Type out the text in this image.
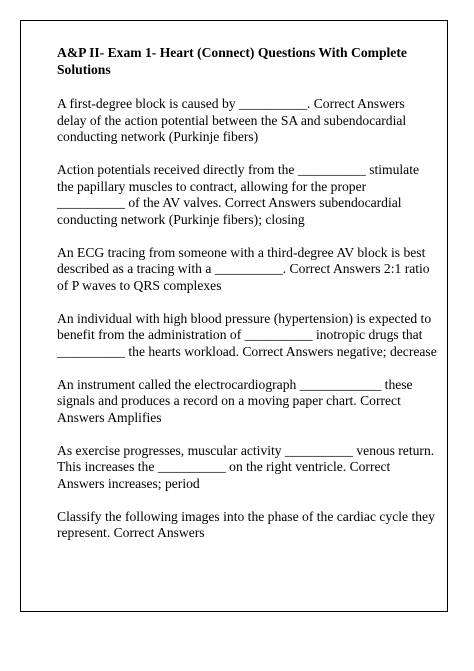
A&P II- Exam 1- Heart (Connect) Questions With Complete Solutions
A first-degree block is caused by __________. Correct Answers delay of the action potential between the SA and subendocardial conducting network (Purkinje fibers)
Action potentials received directly from the __________ stimulate the papillary muscles to contract, allowing for the proper __________ of the AV valves. Correct Answers subendocardial conducting network (Purkinje fibers); closing
An ECG tracing from someone with a third-degree AV block is best described as a tracing with a __________. Correct Answers 2:1 ratio of P waves to QRS complexes
An individual with high blood pressure (hypertension) is expected to benefit from the administration of __________ inotropic drugs that __________ the hearts workload. Correct Answers negative; decrease
An instrument called the electrocardiograph ____________ these signals and produces a record on a moving paper chart. Correct Answers Amplifies
As exercise progresses, muscular activity __________ venous return. This increases the __________ on the right ventricle. Correct Answers increases; period
Classify the following images into the phase of the cardiac cycle they represent. Correct Answers
